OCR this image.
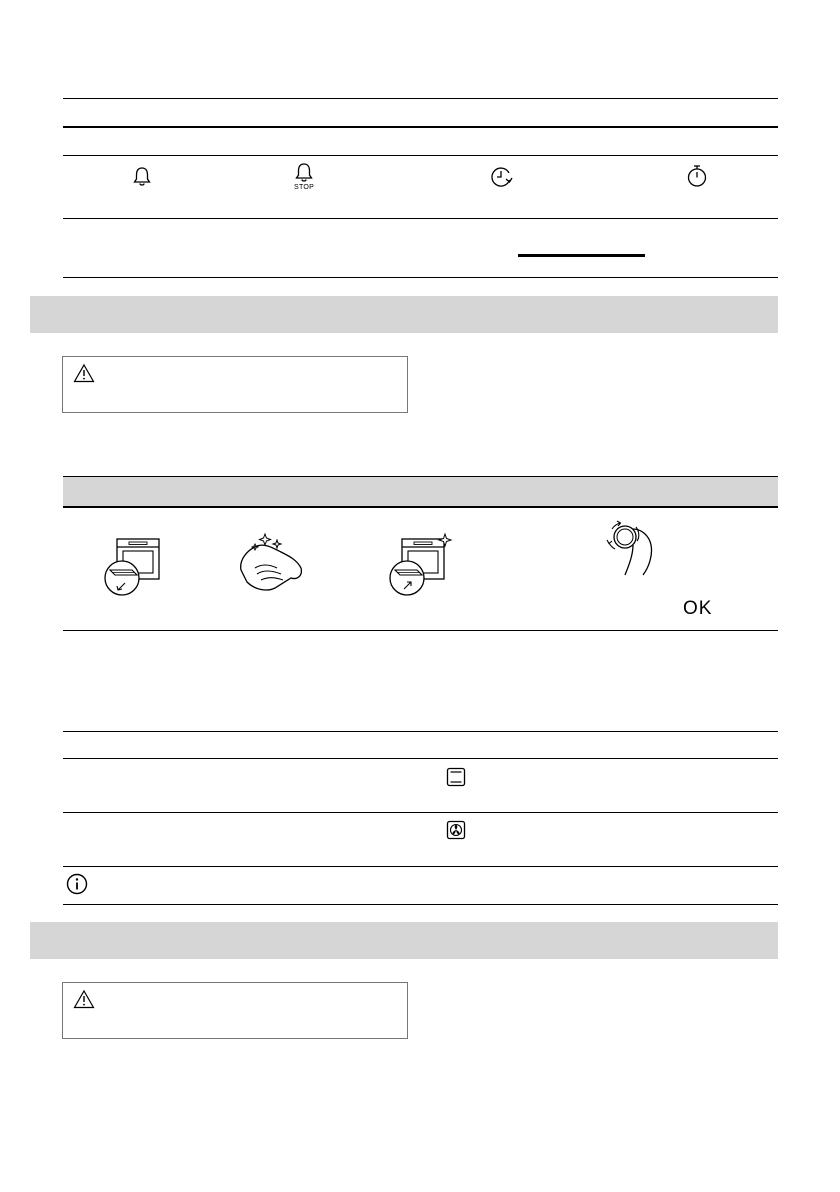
STOP
OK
